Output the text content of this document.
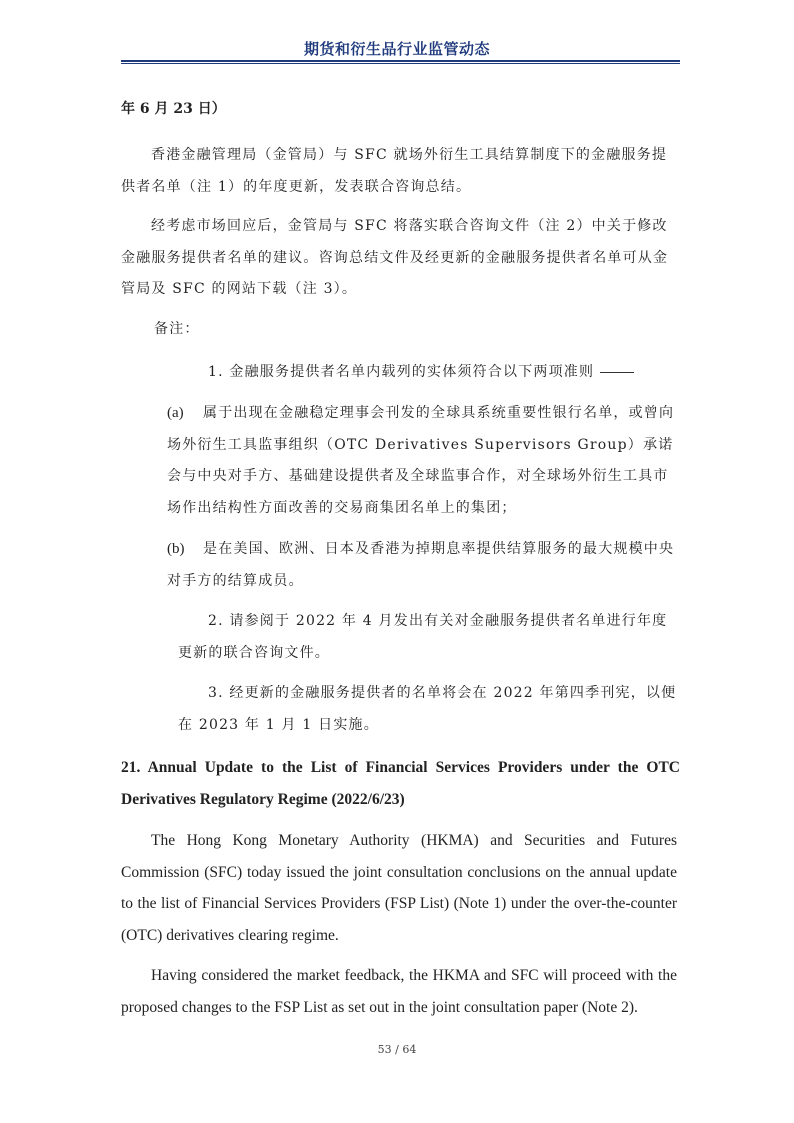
期货和衍生品行业监管动态

年 6 月 23 日）

香港金融管理局（金管局）与 SFC 就场外衍生工具结算制度下的金融服务提供者名单（注 1）的年度更新，发表联合咨询总结。

经考虑市场回应后，金管局与 SFC 将落实联合咨询文件（注 2）中关于修改金融服务提供者名单的建议。咨询总结文件及经更新的金融服务提供者名单可从金管局及 SFC 的网站下载（注 3）。

备注：

1. 金融服务提供者名单内载列的实体须符合以下两项准则

(a) 属于出现在金融稳定理事会刊发的全球具系统重要性银行名单，或曾向场外衍生工具监事组织（OTC Derivatives Supervisors Group）承诺会与中央对手方、基础建设提供者及全球监事合作，对全球场外衍生工具市场作出结构性方面改善的交易商集团名单上的集团；

(b) 是在美国、欧洲、日本及香港为掉期息率提供结算服务的最大规模中央对手方的结算成员。

2. 请参阅于 2022 年 4 月发出有关对金融服务提供者名单进行年度更新的联合咨询文件。

3. 经更新的金融服务提供者的名单将会在 2022 年第四季刊宪，以便在 2023 年 1 月 1 日实施。

21. Annual Update to the List of Financial Services Providers under the OTC Derivatives Regulatory Regime (2022/6/23)

The Hong Kong Monetary Authority (HKMA) and Securities and Futures Commission (SFC) today issued the joint consultation conclusions on the annual update to the list of Financial Services Providers (FSP List) (Note 1) under the over-the-counter (OTC) derivatives clearing regime.

Having considered the market feedback, the HKMA and SFC will proceed with the proposed changes to the FSP List as set out in the joint consultation paper (Note 2).

53 / 64
